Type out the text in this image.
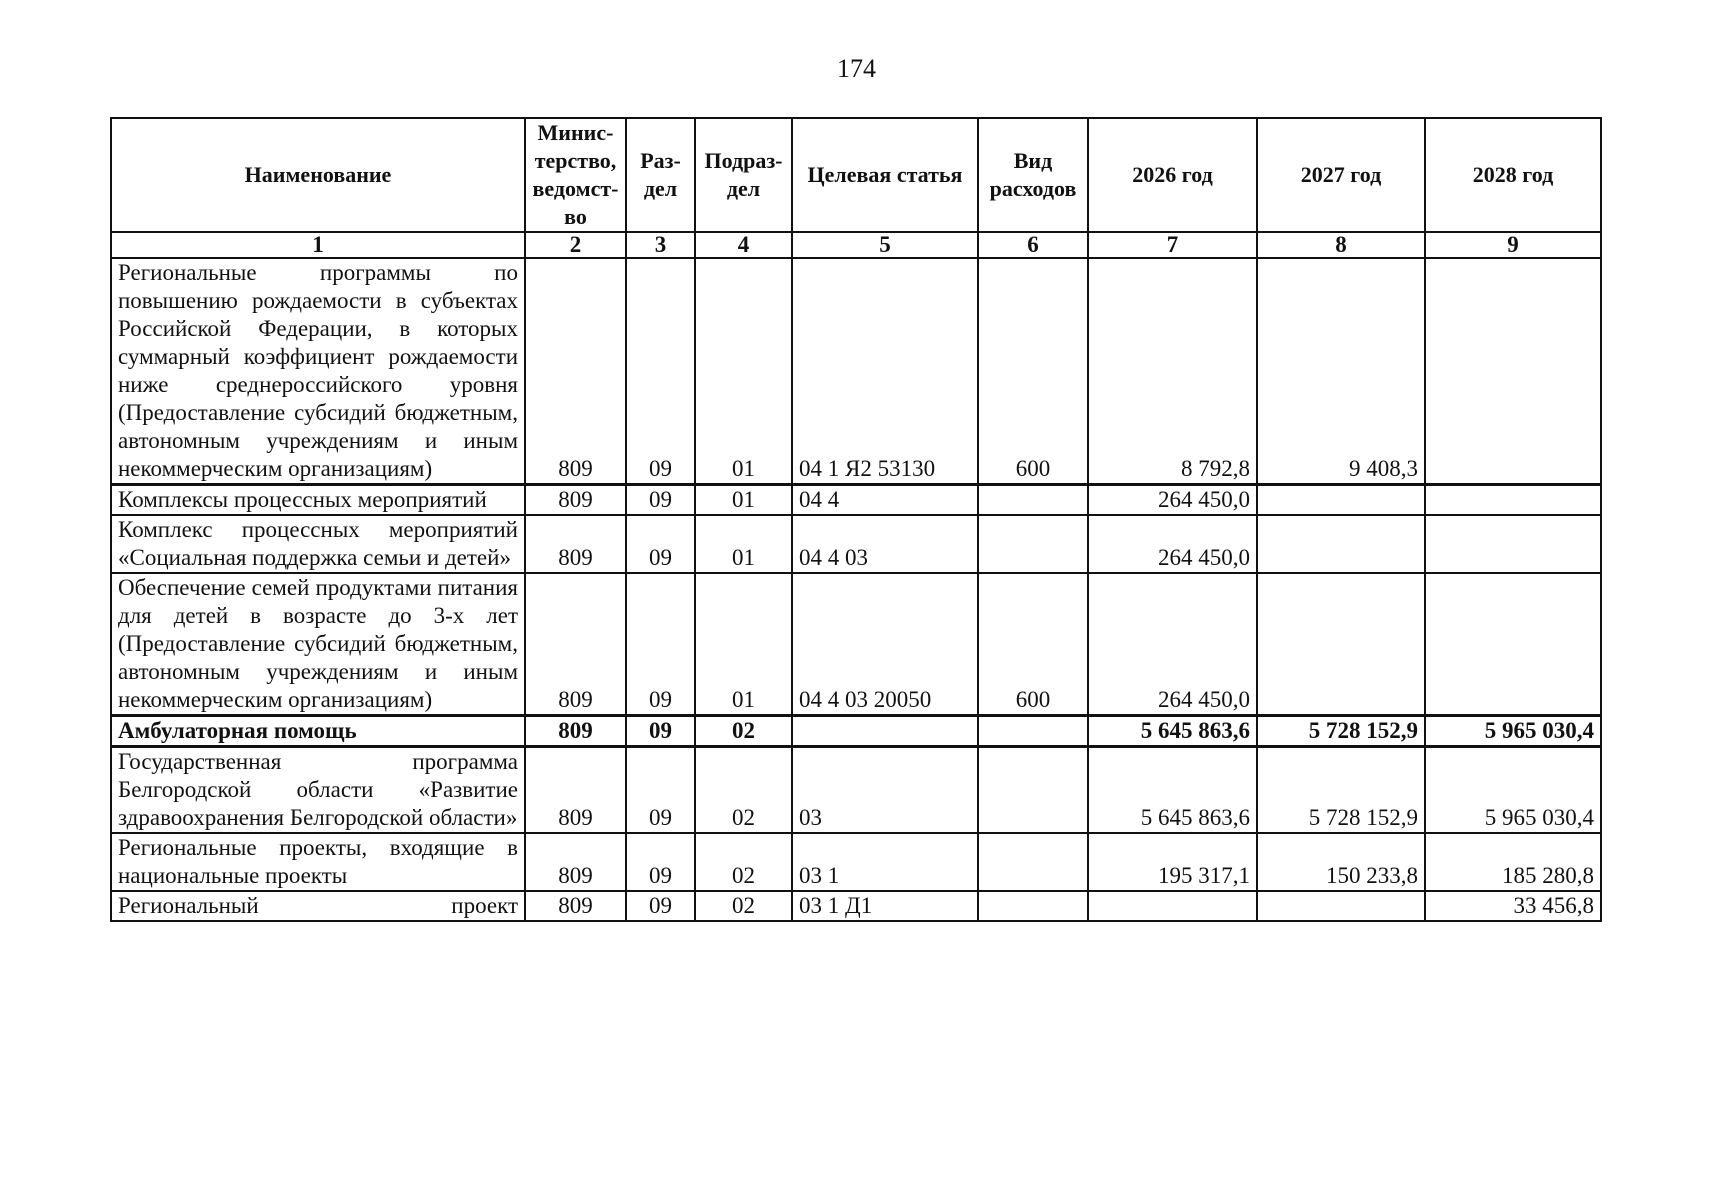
174
Наименование	Минис-терство, ведомст-во	Раз-дел	Подраз-дел	Целевая статья	Вид расходов	2026 год	2027 год	2028 год
1	2	3	4	5	6	7	8	9
Региональные программы по повышению рождаемости в субъектах Российской Федерации, в которых суммарный коэффициент рождаемости ниже среднероссийского уровня (Предоставление субсидий бюджетным, автономным учреждениям и иным некоммерческим организациям)	809	09	01	04 1 Я2 53130	600	8 792,8	9 408,3	
Комплексы процессных мероприятий	809	09	01	04 4		264 450,0		
Комплекс процессных мероприятий «Социальная поддержка семьи и детей»	809	09	01	04 4 03		264 450,0		
Обеспечение семей продуктами питания для детей в возрасте до 3-х лет (Предоставление субсидий бюджетным, автономным учреждениям и иным некоммерческим организациям)	809	09	01	04 4 03 20050	600	264 450,0		
Амбулаторная помощь	809	09	02			5 645 863,6	5 728 152,9	5 965 030,4
Государственная программа Белгородской области «Развитие здравоохранения Белгородской области»	809	09	02	03		5 645 863,6	5 728 152,9	5 965 030,4
Региональные проекты, входящие в национальные проекты	809	09	02	03 1		195 317,1	150 233,8	185 280,8
Региональный проект	809	09	02	03 1 Д1				33 456,8
